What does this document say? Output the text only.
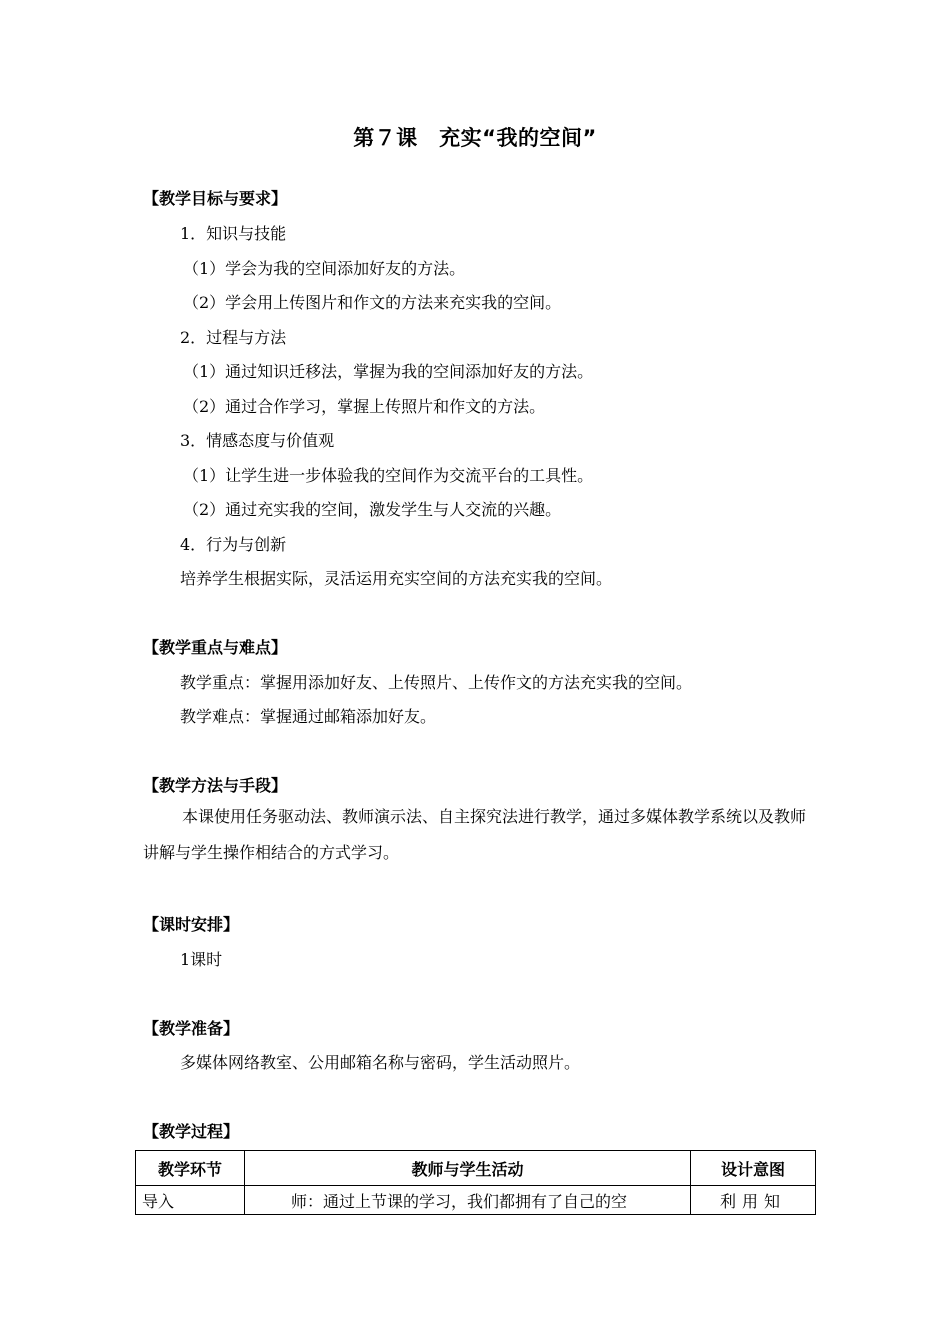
第７课　充实“我的空间”
【教学目标与要求】
1．知识与技能
（1）学会为我的空间添加好友的方法。
（2）学会用上传图片和作文的方法来充实我的空间。
2．过程与方法
（1）通过知识迁移法，掌握为我的空间添加好友的方法。
（2）通过合作学习，掌握上传照片和作文的方法。
3．情感态度与价值观
（1）让学生进一步体验我的空间作为交流平台的工具性。
（2）通过充实我的空间，激发学生与人交流的兴趣。
4．行为与创新
培养学生根据实际，灵活运用充实空间的方法充实我的空间。
【教学重点与难点】
教学重点：掌握用添加好友、上传照片、上传作文的方法充实我的空间。
教学难点：掌握通过邮箱添加好友。
【教学方法与手段】
本课使用任务驱动法、教师演示法、自主探究法进行教学，通过多媒体教学系统以及教师讲解与学生操作相结合的方式学习。
【课时安排】
1课时
【教学准备】
多媒体网络教室、公用邮箱名称与密码，学生活动照片。
【教学过程】
教学环节	教师与学生活动	设计意图
导入	师：通过上节课的学习，我们都拥有了自己的空	利用知
